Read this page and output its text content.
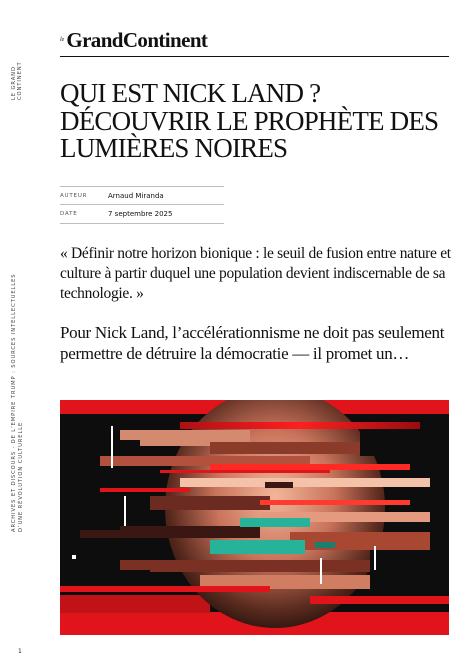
LE GRAND CONTINENT
ARCHIVES ET DISCOURS · DE L’EMPIRE TRUMP : SOURCES INTELLECTUELLES D’UNE RÉVOLUTION CULTURELLE
1
le GrandContinent
QUI EST NICK LAND ? DÉCOUVRIR LE PROPHÈTE DES LUMIÈRES NOIRES
AUTEUR	Arnaud Miranda
DATE	7 septembre 2025

« Définir notre horizon bionique : le seuil de fusion entre nature et culture à partir duquel une population devient indiscernable de sa technologie. »

Pour Nick Land, l’accélérationnisme ne doit pas seulement permettre de détruire la démocratie — il promet un…
